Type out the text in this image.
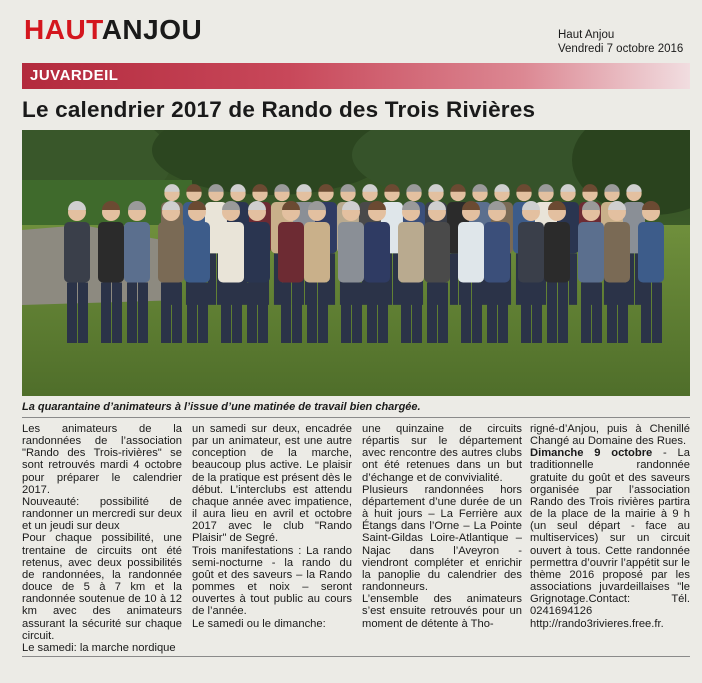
HAUTANJOU	Haut Anjou
Vendredi 7 octobre 2016
JUVARDEIL
Le calendrier 2017 de Rando des Trois Rivières
La quarantaine d’animateurs à l’issue d’une matinée de travail bien chargée.

Les animateurs de la randonnées de l’association "Rando des Trois-rivières" se sont retrouvés mardi 4 octobre pour préparer le calendrier 2017.

Nouveauté: possibilité de randonner un mercredi sur deux et un jeudi sur deux

Pour chaque possibilité, une trentaine de circuits ont été retenus, avec deux possibilités de randonnées, la randonnée douce de 5 à 7 km et la randonnée soutenue de 10 à 12 km avec des animateurs assurant la sécurité sur chaque circuit.

Le samedi: la marche nordique

un samedi sur deux, encadrée par un animateur, est une autre conception de la marche, beaucoup plus active. Le plaisir de la pratique est présent dès le début. L’interclubs est attendu chaque année avec impatience, il aura lieu en avril et octobre 2017 avec le club "Rando Plaisir" de Segré.

Trois manifestations : La rando semi-nocturne - la rando du goût et des saveurs – la Rando pommes et noix – seront ouvertes à tout public au cours de l’année.

Le samedi ou le dimanche:

une quinzaine de circuits répartis sur le département avec rencontre des autres clubs ont été retenues dans un but d’échange et de convivialité.

Plusieurs randonnées hors département d’une durée de un à huit jours – La Ferrière aux Étangs dans l’Orne – La Pointe Saint-Gildas Loire-Atlantique – Najac dans l’Aveyron - viendront compléter et enrichir la panoplie du calendrier des randonneurs.

L’ensemble des animateurs s’est ensuite retrouvés pour un moment de détente à Tho-

rigné-d’Anjou, puis à Chenillé Changé au Domaine des Rues.

Dimanche 9 octobre - La traditionnelle randonnée gratuite du goût et des saveurs organisée par l’association Rando des Trois rivières partira de la place de la mairie à 9 h (un seul départ - face au multiservices) sur un circuit ouvert à tous. Cette randonnée permettra d’ouvrir l’appétit sur le thème 2016 proposé par les associations juvardeillaises "le Grignotage.Contact: Tél. 0241694126 http://rando3rivieres.free.fr.
